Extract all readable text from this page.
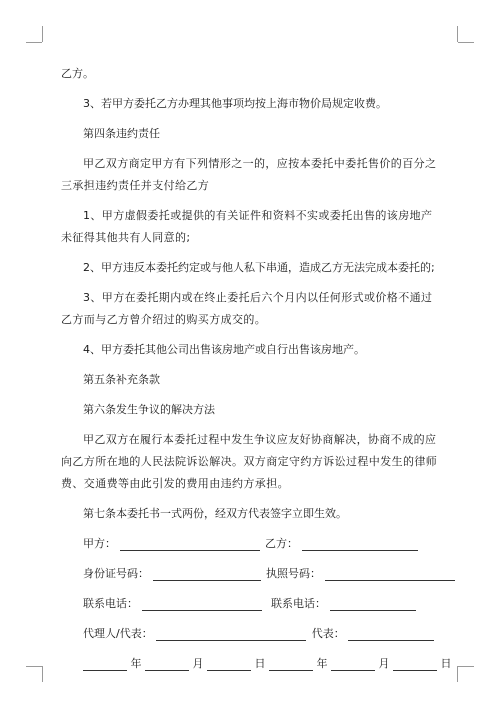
乙方。

3、若甲方委托乙方办理其他事项均按上海市物价局规定收费。

第四条违约责任

甲乙双方商定甲方有下列情形之一的，应按本委托中委托售价的百分之三承担违约责任并支付给乙方

1、甲方虚假委托或提供的有关证件和资料不实或委托出售的该房地产未征得其他共有人同意的;

2、甲方违反本委托约定或与他人私下串通，造成乙方无法完成本委托的;

3、甲方在委托期内或在终止委托后六个月内以任何形式或价格不通过乙方而与乙方曾介绍过的购买方成交的。

4、甲方委托其他公司出售该房地产或自行出售该房地产。

第五条补充条款

第六条发生争议的解决方法

甲乙双方在履行本委托过程中发生争议应友好协商解决，协商不成的应向乙方所在地的人民法院诉讼解决。双方商定守约方诉讼过程中发生的律师费、交通费等由此引发的费用由违约方承担。

第七条本委托书一式两份，经双方代表签字立即生效。

甲方：	乙方：
身份证号码：	执照号码：
联系电话：	联系电话：
代理人/代表：	代表：
年	月	日	年	月	日
